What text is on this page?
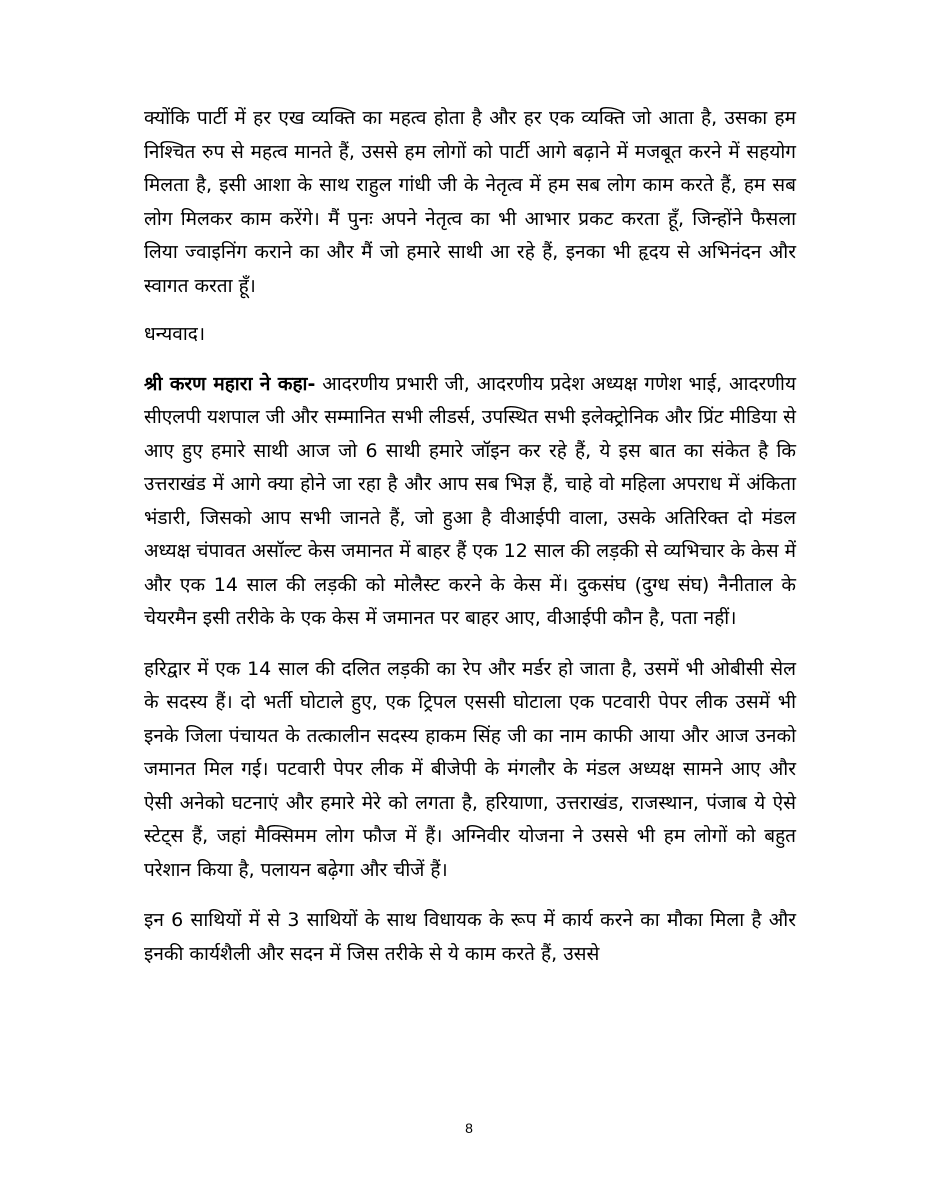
क्योंकि पार्टी में हर एख व्यक्ति का महत्व होता है और हर एक व्यक्ति जो आता है, उसका हम निश्चित रुप से महत्व मानते हैं, उससे हम लोगों को पार्टी आगे बढ़ाने में मजबूत करने में सहयोग मिलता है, इसी आशा के साथ राहुल गांधी जी के नेतृत्व में हम सब लोग काम करते हैं, हम सब लोग मिलकर काम करेंगे। मैं पुनः अपने नेतृत्व का भी आभार प्रकट करता हूँ, जिन्होंने फैसला लिया ज्वाइनिंग कराने का और मैं जो हमारे साथी आ रहे हैं, इनका भी हृदय से अभिनंदन और स्वागत करता हूँ।

धन्यवाद।

श्री करण महारा ने कहा- आदरणीय प्रभारी जी, आदरणीय प्रदेश अध्यक्ष गणेश भाई, आदरणीय सीएलपी यशपाल जी और सम्मानित सभी लीडर्स, उपस्थित सभी इलेक्ट्रोनिक और प्रिंट मीडिया से आए हुए हमारे साथी आज जो 6 साथी हमारे जॉइन कर रहे हैं, ये इस बात का संकेत है कि उत्तराखंड में आगे क्या होने जा रहा है और आप सब भिज्ञ हैं, चाहे वो महिला अपराध में अंकिता भंडारी, जिसको आप सभी जानते हैं, जो हुआ है वीआईपी वाला, उसके अतिरिक्त दो मंडल अध्यक्ष चंपावत असॉल्ट केस जमानत में बाहर हैं एक 12 साल की लड़की से व्यभिचार के केस में और एक 14 साल की लड़की को मोलैस्ट करने के केस में। दुकसंघ (दुग्ध संघ) नैनीताल के चेयरमैन इसी तरीके के एक केस में जमानत पर बाहर आए, वीआईपी कौन है, पता नहीं।

हरिद्वार में एक 14 साल की दलित लड़की का रेप और मर्डर हो जाता है, उसमें भी ओबीसी सेल के सदस्य हैं। दो भर्ती घोटाले हुए, एक ट्रिपल एससी घोटाला एक पटवारी पेपर लीक उसमें भी इनके जिला पंचायत के तत्कालीन सदस्य हाकम सिंह जी का नाम काफी आया और आज उनको जमानत मिल गई। पटवारी पेपर लीक में बीजेपी के मंगलौर के मंडल अध्यक्ष सामने आए और ऐसी अनेको घटनाएं और हमारे मेरे को लगता है, हरियाणा, उत्तराखंड, राजस्थान, पंजाब ये ऐसे स्टेट्स हैं, जहां मैक्सिमम लोग फौज में हैं। अग्निवीर योजना ने उससे भी हम लोगों को बहुत परेशान किया है, पलायन बढ़ेगा और चीजें हैं।

इन 6 साथियों में से 3 साथियों के साथ विधायक के रूप में कार्य करने का मौका मिला है और इनकी कार्यशैली और सदन में जिस तरीके से ये काम करते हैं, उससे

8
